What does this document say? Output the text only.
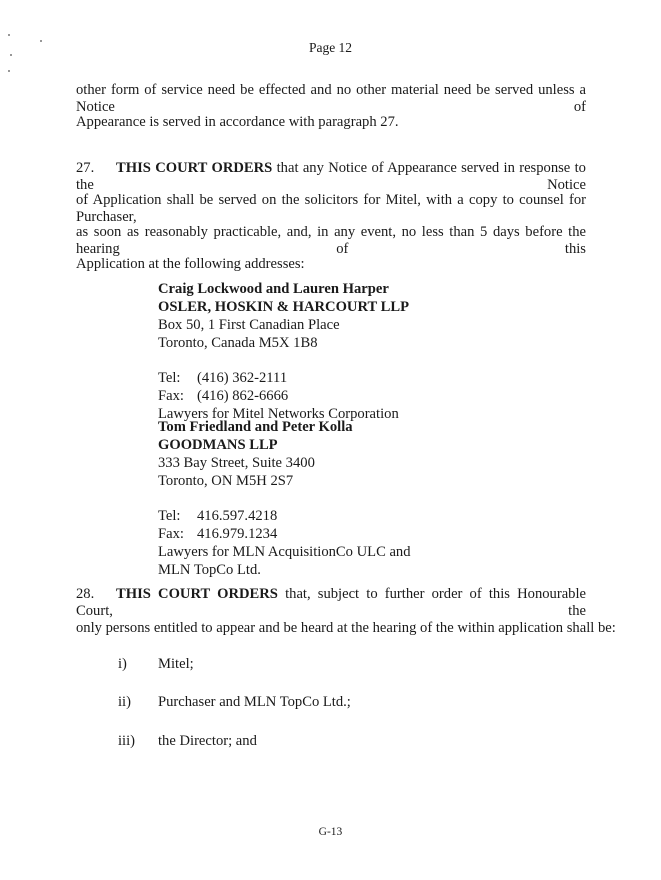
Page 12
other form of service need be effected and no other material need be served unless a Notice of
Appearance is served in accordance with paragraph 27.
27. THIS COURT ORDERS that any Notice of Appearance served in response to the Notice
of Application shall be served on the solicitors for Mitel, with a copy to counsel for Purchaser,
as soon as reasonably practicable, and, in any event, no less than 5 days before the hearing of this
Application at the following addresses:
Craig Lockwood and Lauren Harper
OSLER, HOSKIN & HARCOURT LLP
Box 50, 1 First Canadian Place
Toronto, Canada M5X 1B8
Tel: (416) 362-2111
Fax: (416) 862-6666
Lawyers for Mitel Networks Corporation
Tom Friedland and Peter Kolla
GOODMANS LLP
333 Bay Street, Suite 3400
Toronto, ON M5H 2S7
Tel: 416.597.4218
Fax: 416.979.1234
Lawyers for MLN AcquisitionCo ULC and
MLN TopCo Ltd.
28. THIS COURT ORDERS that, subject to further order of this Honourable Court, the
only persons entitled to appear and be heard at the hearing of the within application shall be:
i) Mitel;
ii) Purchaser and MLN TopCo Ltd.;
iii) the Director; and
G-13
